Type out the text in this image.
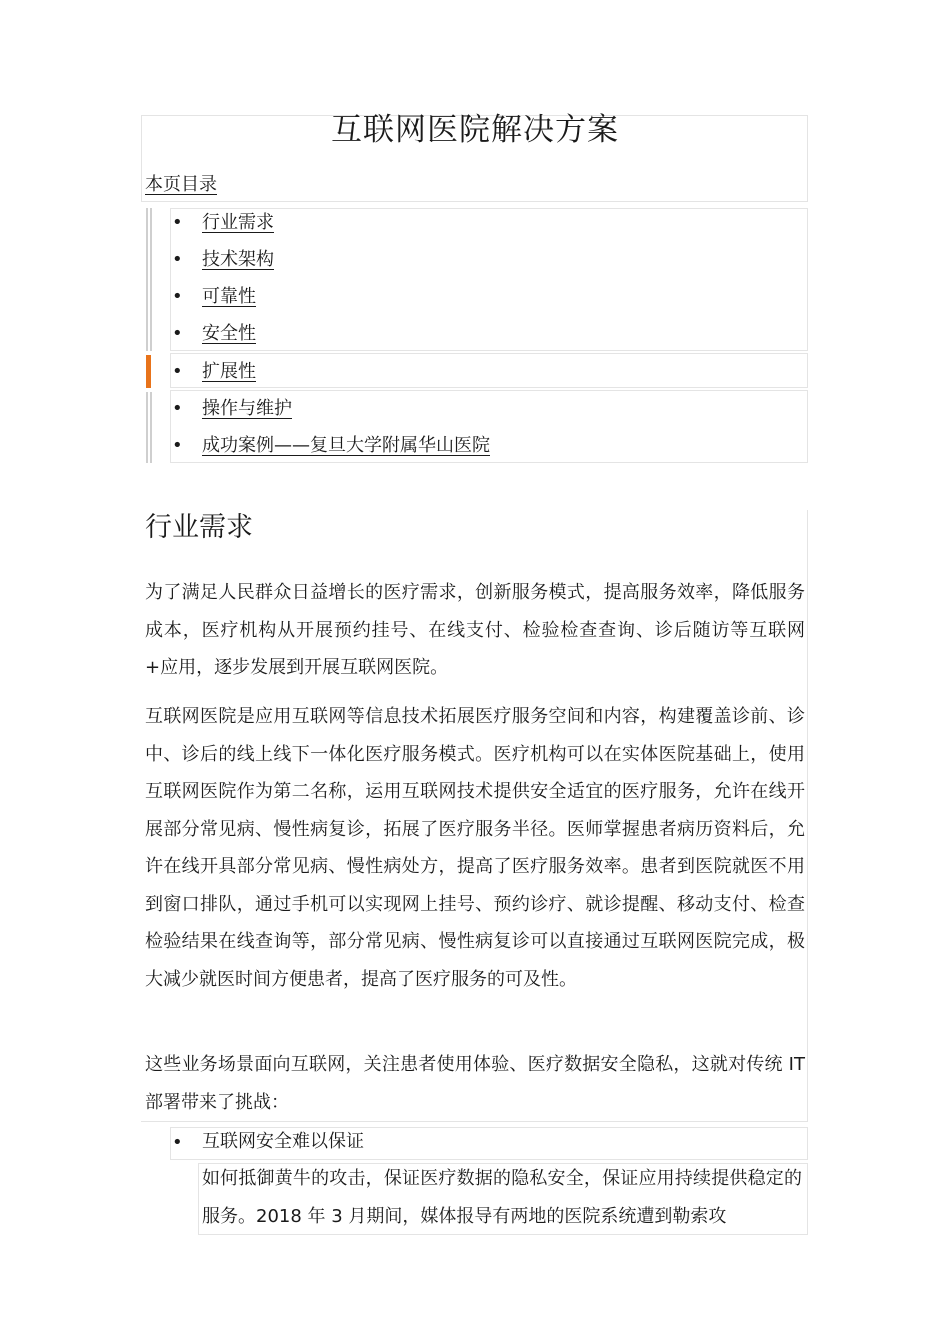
互联网医院解决方案
本页目录
• 行业需求
• 技术架构
• 可靠性
• 安全性
• 扩展性
• 操作与维护
• 成功案例——复旦大学附属华山医院
行业需求

为了满足人民群众日益增长的医疗需求，创新服务模式，提高服务效率，降低服务成本，医疗机构从开展预约挂号、在线支付、检验检查查询、诊后随访等互联网+应用，逐步发展到开展互联网医院。

互联网医院是应用互联网等信息技术拓展医疗服务空间和内容，构建覆盖诊前、诊中、诊后的线上线下一体化医疗服务模式。医疗机构可以在实体医院基础上，使用互联网医院作为第二名称，运用互联网技术提供安全适宜的医疗服务，允许在线开展部分常见病、慢性病复诊，拓展了医疗服务半径。医师掌握患者病历资料后，允许在线开具部分常见病、慢性病处方，提高了医疗服务效率。患者到医院就医不用到窗口排队，通过手机可以实现网上挂号、预约诊疗、就诊提醒、移动支付、检查检验结果在线查询等，部分常见病、慢性病复诊可以直接通过互联网医院完成，极大减少就医时间方便患者，提高了医疗服务的可及性。

这些业务场景面向互联网，关注患者使用体验、医疗数据安全隐私，这就对传统 IT 部署带来了挑战：

• 互联网安全难以保证

如何抵御黄牛的攻击，保证医疗数据的隐私安全，保证应用持续提供稳定的服务。2018 年 3 月期间，媒体报导有两地的医院系统遭到勒索攻
